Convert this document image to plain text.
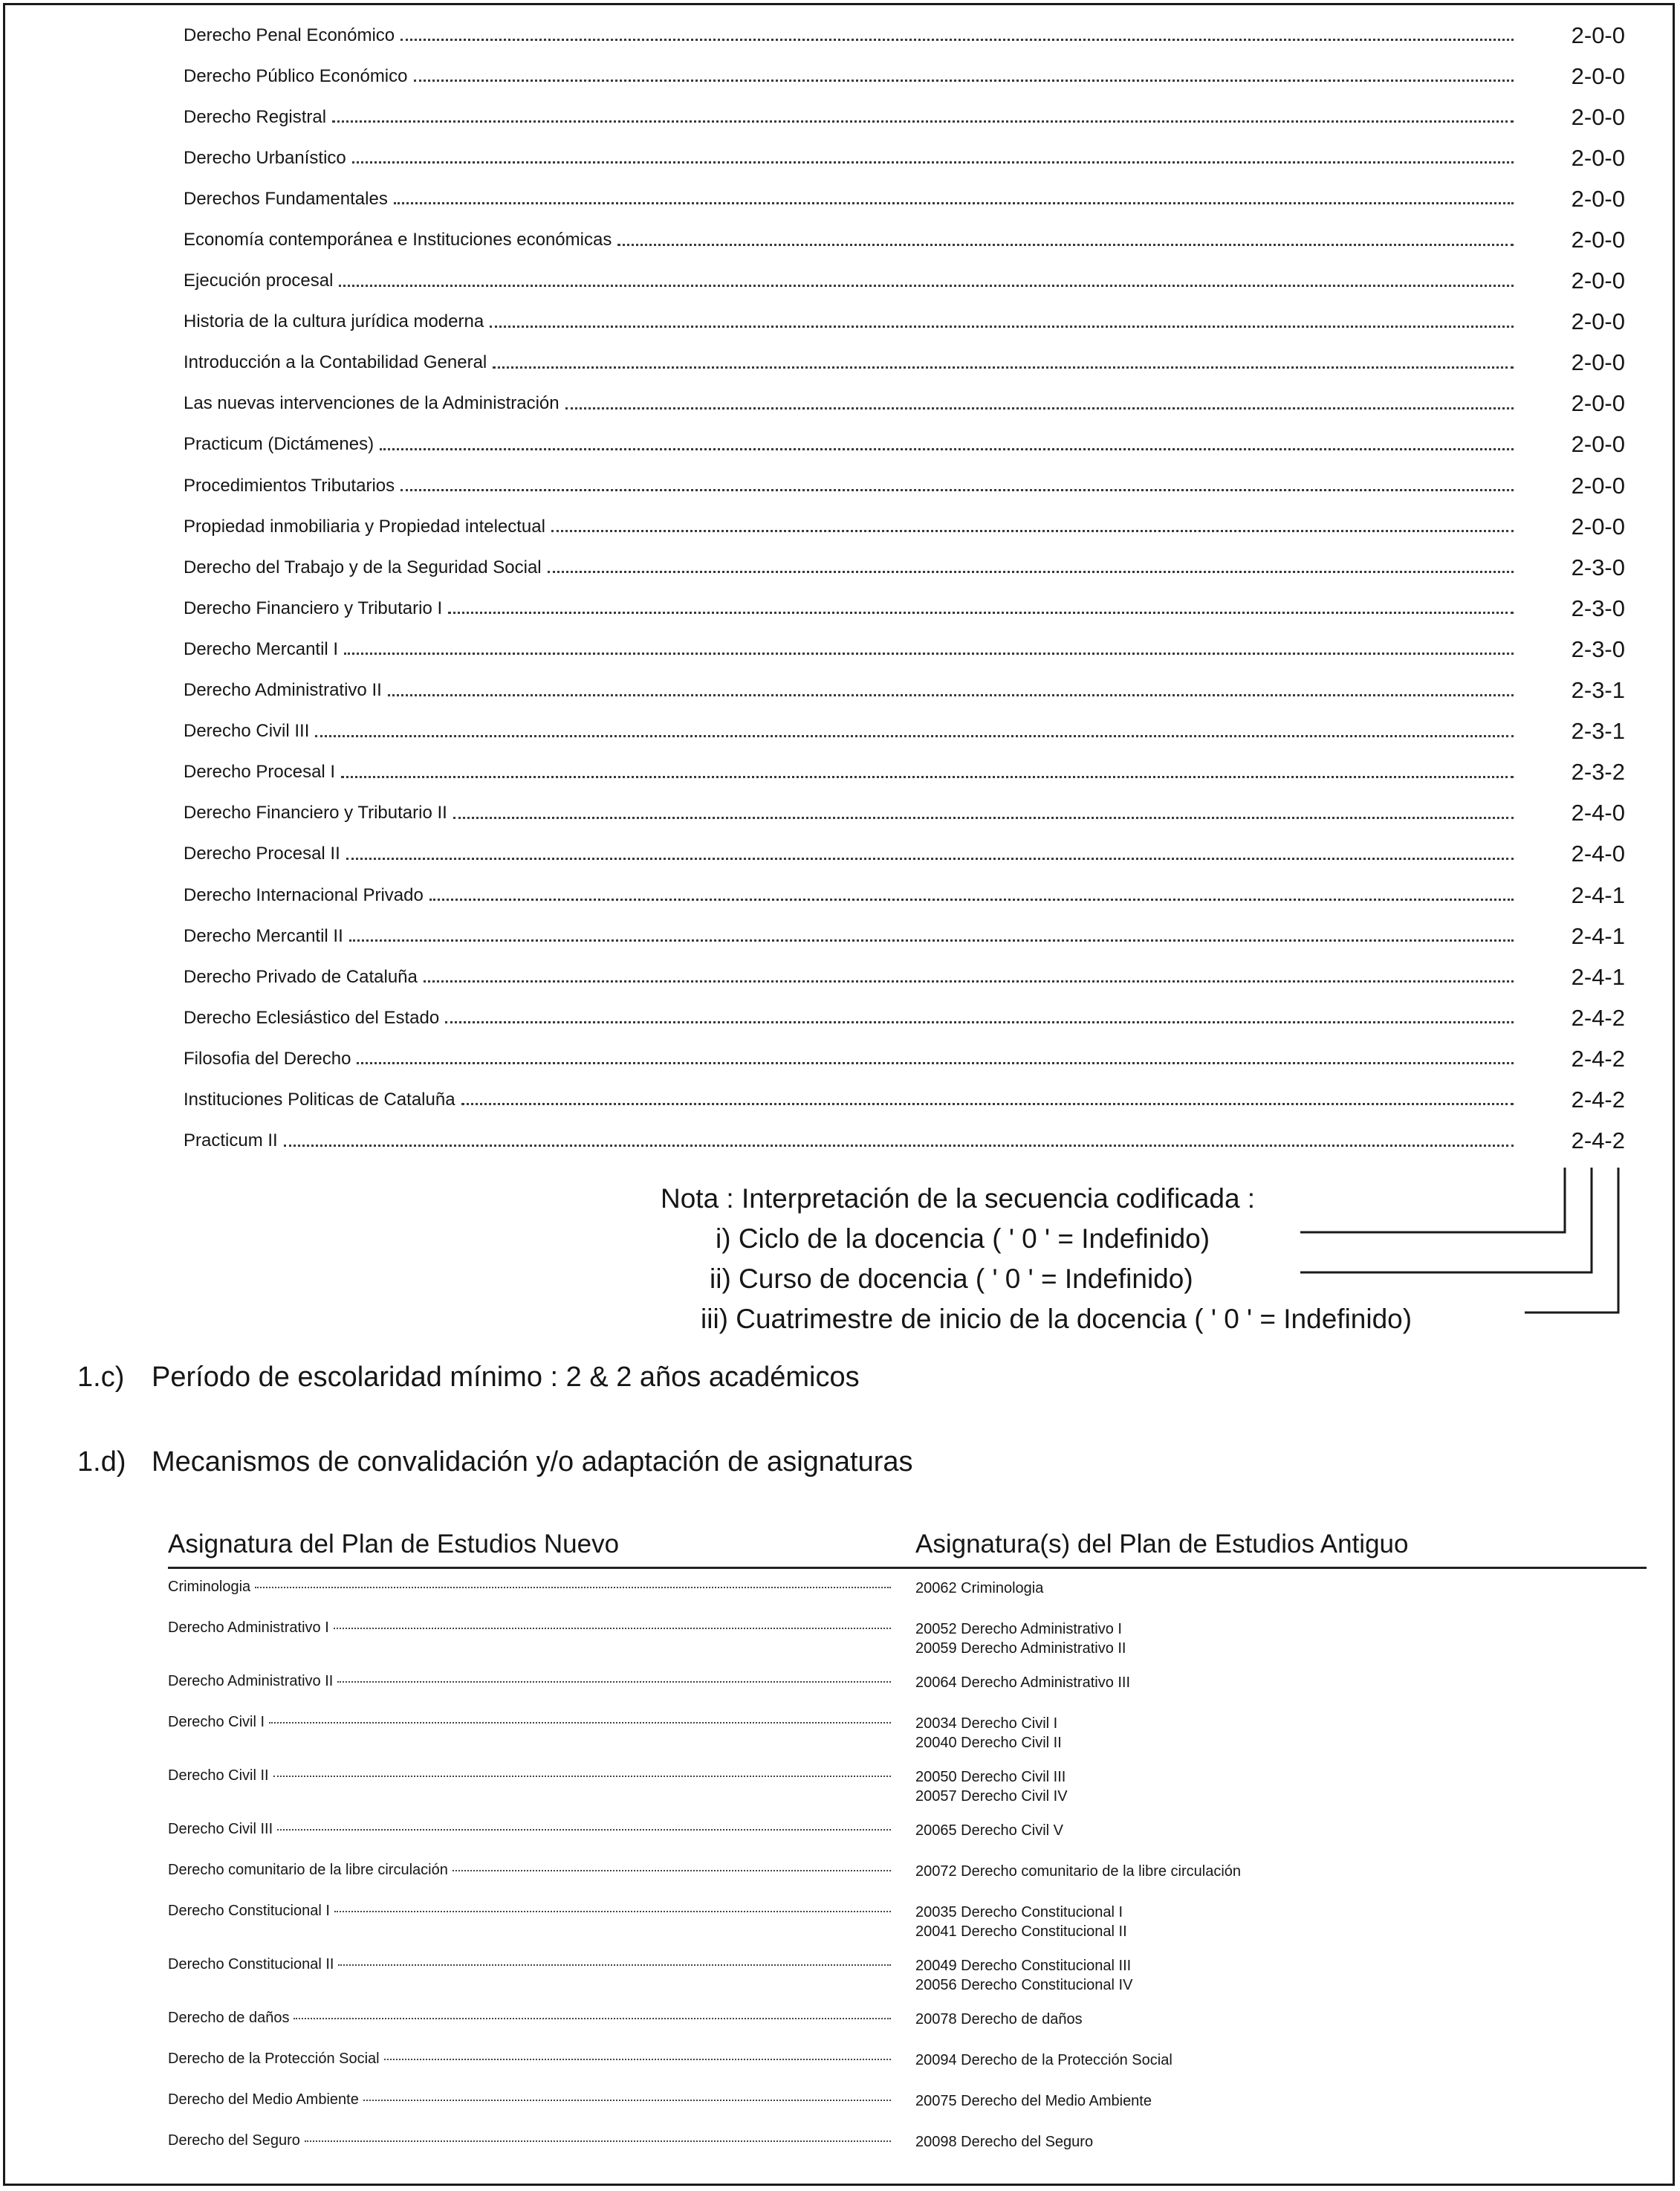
Derecho Penal Económico	2-0-0
Derecho Público Económico	2-0-0
Derecho Registral	2-0-0
Derecho Urbanístico	2-0-0
Derechos Fundamentales	2-0-0
Economía contemporánea e Instituciones económicas	2-0-0
Ejecución procesal	2-0-0
Historia de la cultura jurídica moderna	2-0-0
Introducción a la Contabilidad General	2-0-0
Las nuevas intervenciones de la Administración	2-0-0
Practicum (Dictámenes)	2-0-0
Procedimientos Tributarios	2-0-0
Propiedad inmobiliaria y Propiedad intelectual	2-0-0
Derecho del Trabajo y de la Seguridad Social	2-3-0
Derecho Financiero y Tributario I	2-3-0
Derecho Mercantil I	2-3-0
Derecho Administrativo II	2-3-1
Derecho Civil III	2-3-1
Derecho Procesal I	2-3-2
Derecho Financiero y Tributario II	2-4-0
Derecho Procesal II	2-4-0
Derecho Internacional Privado	2-4-1
Derecho Mercantil II	2-4-1
Derecho Privado de Cataluña	2-4-1
Derecho Eclesiástico del Estado	2-4-2
Filosofia del Derecho	2-4-2
Instituciones Politicas de Cataluña	2-4-2
Practicum II	2-4-2
Nota : Interpretación de la secuencia codificada :
i) Ciclo de la docencia ( ' 0 ' = Indefinido)
ii) Curso de docencia ( ' 0 ' = Indefinido)
iii) Cuatrimestre de inicio de la docencia ( ' 0 ' = Indefinido)
1.c) Período de escolaridad mínimo : 2 & 2 años académicos
1.d) Mecanismos de convalidación y/o adaptación de asignaturas
Asignatura del Plan de Estudios Nuevo	Asignatura(s) del Plan de Estudios Antiguo
Criminologia	20062 Criminologia
Derecho Administrativo I	20052 Derecho Administrativo I
20059 Derecho Administrativo II
Derecho Administrativo II	20064 Derecho Administrativo III
Derecho Civil I	20034 Derecho Civil I
20040 Derecho Civil II
Derecho Civil II	20050 Derecho Civil III
20057 Derecho Civil IV
Derecho Civil III	20065 Derecho Civil V
Derecho comunitario de la libre circulación	20072 Derecho comunitario de la libre circulación
Derecho Constitucional I	20035 Derecho Constitucional I
20041 Derecho Constitucional II
Derecho Constitucional II	20049 Derecho Constitucional III
20056 Derecho Constitucional IV
Derecho de daños	20078 Derecho de daños
Derecho de la Protección Social	20094 Derecho de la Protección Social
Derecho del Medio Ambiente	20075 Derecho del Medio Ambiente
Derecho del Seguro	20098 Derecho del Seguro
